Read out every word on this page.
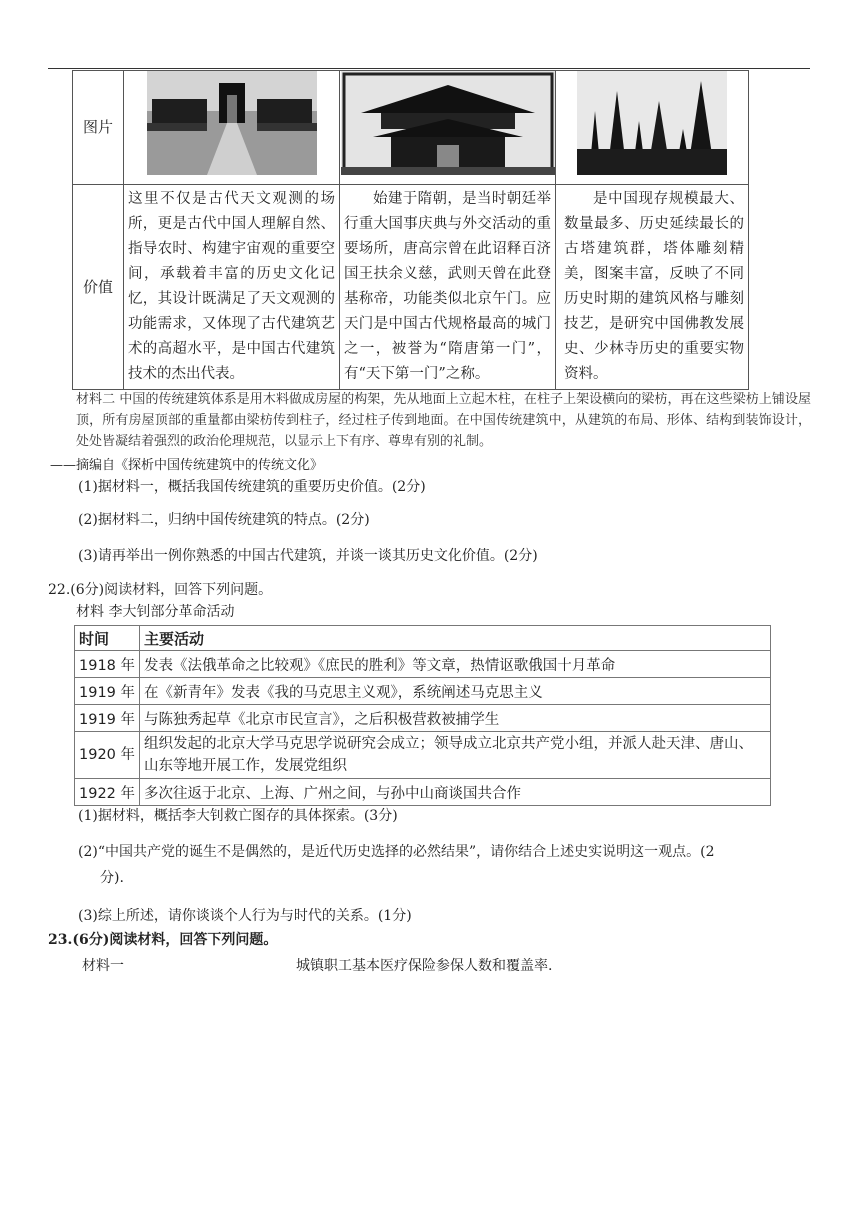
图片			
价值	这里不仅是古代天文观测的场所，更是古代中国人理解自然、指导农时、构建宇宙观的重要空间，承载着丰富的历史文化记忆，其设计既满足了天文观测的功能需求，又体现了古代建筑艺术的高超水平，是中国古代建筑技术的杰出代表。	始建于隋朝，是当时朝廷举行重大国事庆典与外交活动的重要场所，唐高宗曾在此诏释百济国王扶余义慈，武则天曾在此登基称帝，功能类似北京午门。应天门是中国古代规格最高的城门之一，被誉为“隋唐第一门”，有“天下第一门”之称。	是中国现存规模最大、数量最多、历史延续最长的古塔建筑群，塔体雕刻精美，图案丰富，反映了不同历史时期的建筑风格与雕刻技艺，是研究中国佛教发展史、少林寺历史的重要实物资料。
材料二 中国的传统建筑体系是用木料做成房屋的构架，先从地面上立起木柱，在柱子上架设横向的梁枋，再在这些梁枋上铺设屋顶，所有房屋顶部的重量都由梁枋传到柱子，经过柱子传到地面。在中国传统建筑中，从建筑的布局、形体、结构到装饰设计，处处皆凝结着强烈的政治伦理规范，以显示上下有序、尊卑有别的礼制。
——摘编自《探析中国传统建筑中的传统文化》
(1)据材料一，概括我国传统建筑的重要历史价值。(2分)
(2)据材料二，归纳中国传统建筑的特点。(2分)
(3)请再举出一例你熟悉的中国古代建筑，并谈一谈其历史文化价值。(2分)
22.(6分)阅读材料，回答下列问题。
材料 李大钊部分革命活动
时间	主要活动
1918 年	发表《法俄革命之比较观》《庶民的胜利》等文章，热情讴歌俄国十月革命
1919 年	在《新青年》发表《我的马克思主义观》，系统阐述马克思主义
1919 年	与陈独秀起草《北京市民宣言》，之后积极营救被捕学生
1920 年	组织发起的北京大学马克思学说研究会成立；领导成立北京共产党小组，并派人赴天津、唐山、山东等地开展工作，发展党组织
1922 年	多次往返于北京、上海、广州之间，与孙中山商谈国共合作
(1)据材料，概括李大钊救亡图存的具体探索。(3分)
(2)“中国共产党的诞生不是偶然的，是近代历史选择的必然结果”，请你结合上述史实说明这一观点。(2
分).
(3)综上所述，请你谈谈个人行为与时代的关系。(1分)
23.(6分)阅读材料，回答下列问题。
材料一	城镇职工基本医疗保险参保人数和覆盖率.
